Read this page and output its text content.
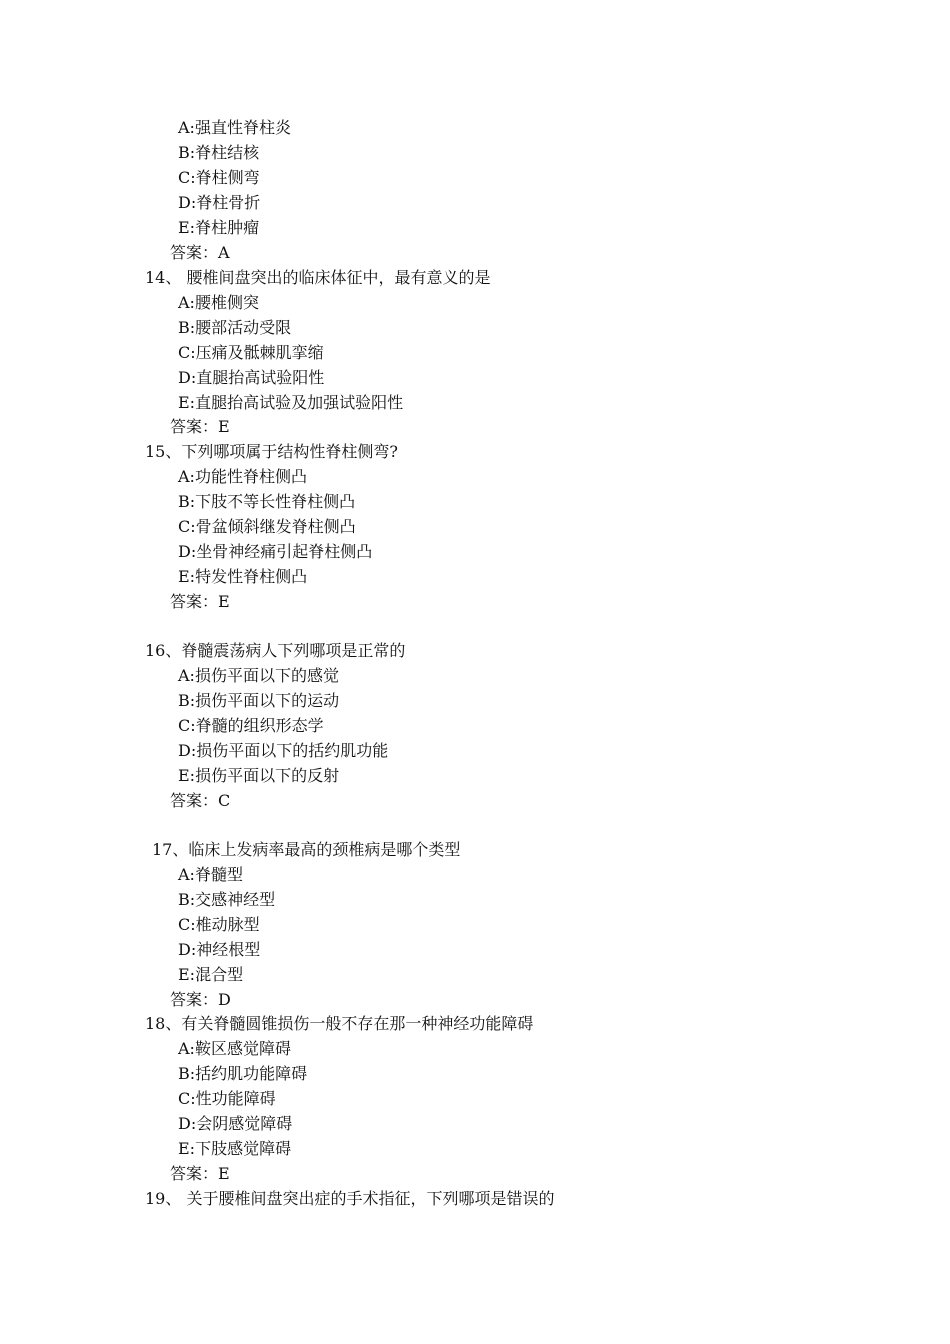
A:强直性脊柱炎
B:脊柱结核
C:脊柱侧弯
D:脊柱骨折
E:脊柱肿瘤
答案：A
14、 腰椎间盘突出的临床体征中，最有意义的是
A:腰椎侧突
B:腰部活动受限
C:压痛及骶棘肌挛缩
D:直腿抬高试验阳性
E:直腿抬高试验及加强试验阳性
答案：E
15、下列哪项属于结构性脊柱侧弯?
A:功能性脊柱侧凸
B:下肢不等长性脊柱侧凸
C:骨盆倾斜继发脊柱侧凸
D:坐骨神经痛引起脊柱侧凸
E:特发性脊柱侧凸
答案：E
16、脊髓震荡病人下列哪项是正常的
A:损伤平面以下的感觉
B:损伤平面以下的运动
C:脊髓的组织形态学
D:损伤平面以下的括约肌功能
E:损伤平面以下的反射
答案：C
17、临床上发病率最高的颈椎病是哪个类型
A:脊髓型
B:交感神经型
C:椎动脉型
D:神经根型
E:混合型
答案：D
18、有关脊髓圆锥损伤一般不存在那一种神经功能障碍
A:鞍区感觉障碍
B:括约肌功能障碍
C:性功能障碍
D:会阴感觉障碍
E:下肢感觉障碍
答案：E
19、 关于腰椎间盘突出症的手术指征，下列哪项是错误的
